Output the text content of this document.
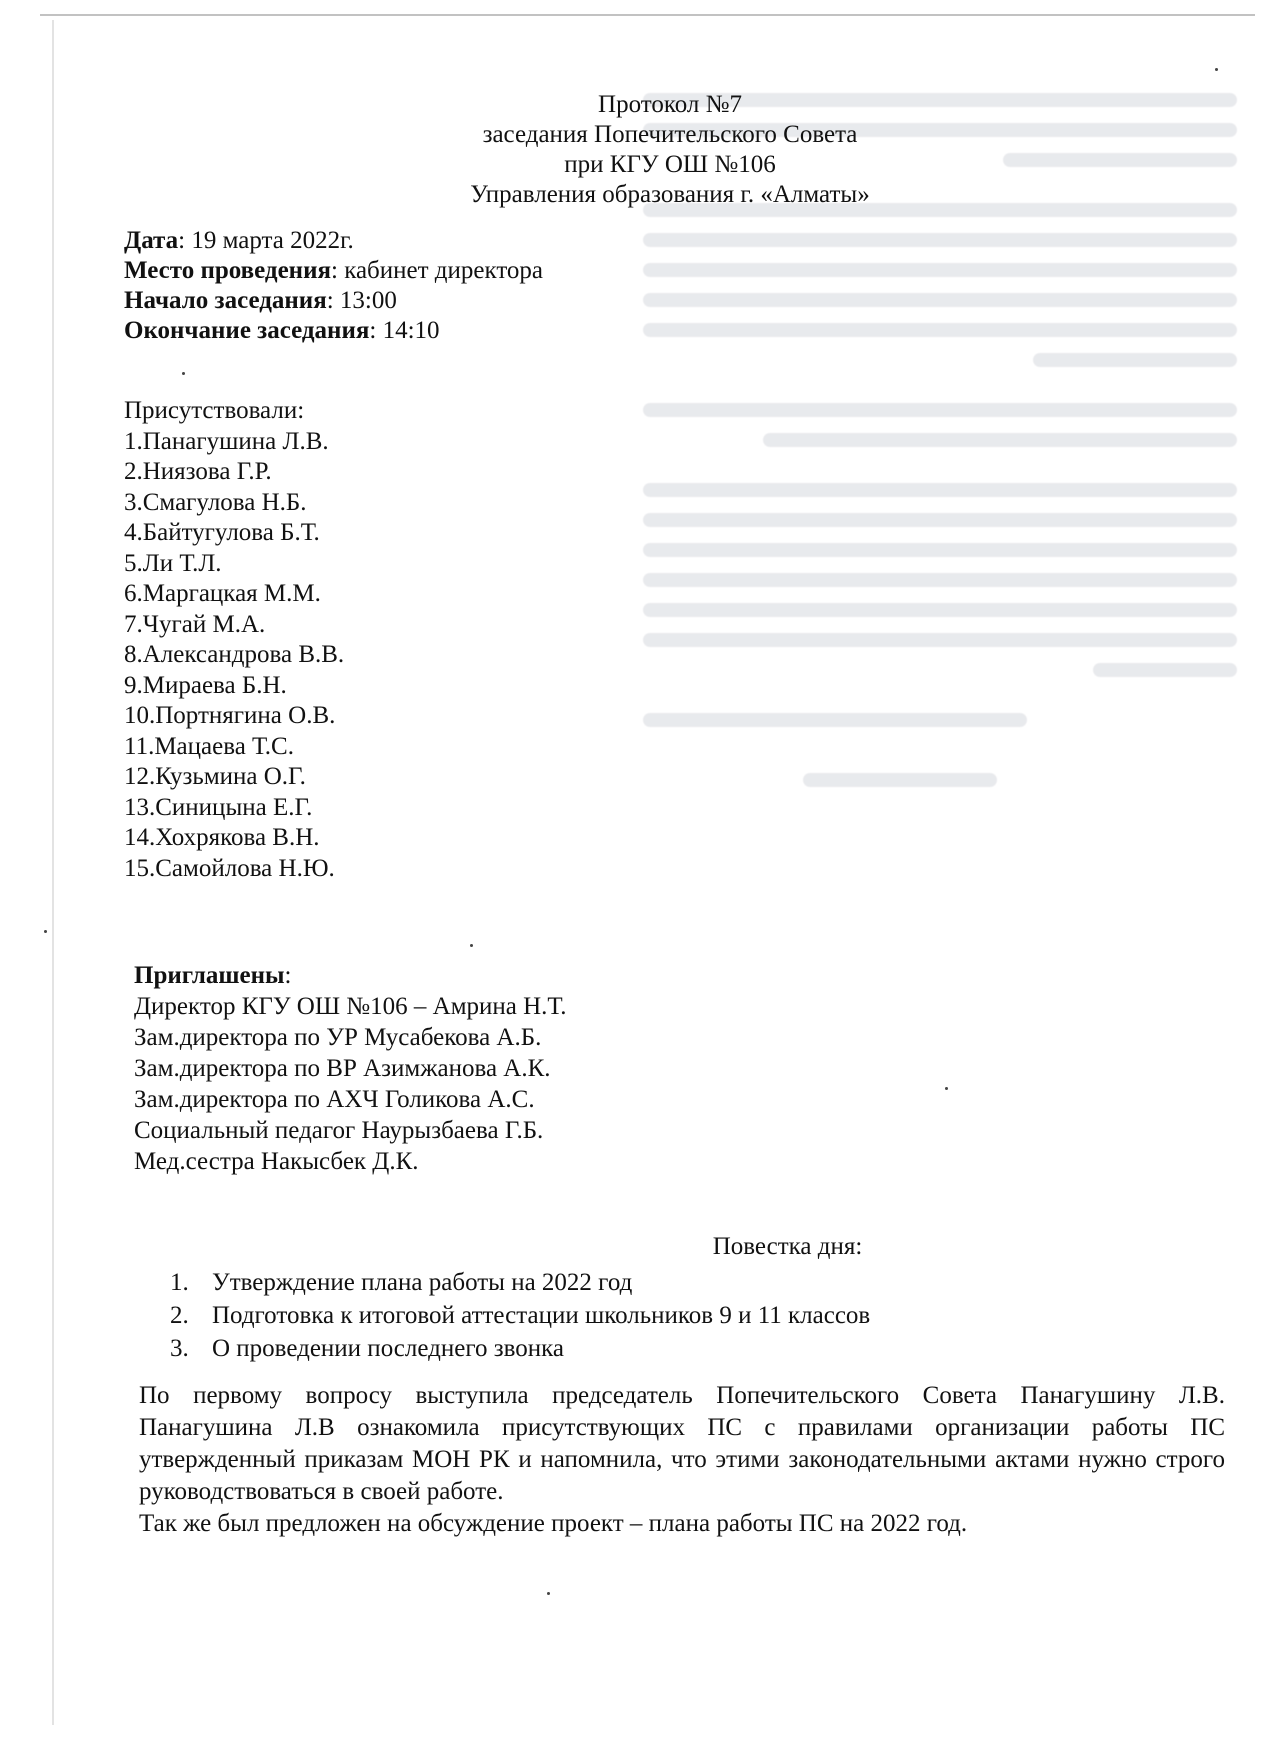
Протокол №7
заседания Попечительского Совета
при КГУ ОШ №106
Управления образования г. «Алматы»
Дата: 19 марта 2022г.
Место проведения: кабинет директора
Начало заседания: 13:00
Окончание заседания: 14:10
Присутствовали:
1.Панагушина Л.В.
2.Ниязова Г.Р.
3.Смагулова Н.Б.
4.Байтугулова Б.Т.
5.Ли Т.Л.
6.Маргацкая М.М.
7.Чугай М.А.
8.Александрова В.В.
9.Мираева Б.Н.
10.Портнягина О.В.
11.Мацаева Т.С.
12.Кузьмина О.Г.
13.Синицына Е.Г.
14.Хохрякова В.Н.
15.Самойлова Н.Ю.
Приглашены:
Директор КГУ ОШ №106 – Амрина Н.Т.
Зам.директора по УР Мусабекова А.Б.
Зам.директора по ВР Азимжанова А.К.
Зам.директора по АХЧ Голикова А.С.
Социальный педагог Наурызбаева Г.Б.
Мед.сестра Накысбек Д.К.
Повестка дня:
1. Утверждение плана работы на 2022 год
2. Подготовка к итоговой аттестации школьников 9 и 11 классов
3. О проведении последнего звонка

По первому вопросу выступила председатель Попечительского Совета Панагушину Л.В. Панагушина Л.В ознакомила присутствующих ПС с правилами организации работы ПС утвержденный приказам МОН РК и напомнила, что этими законодательными актами нужно строго руководствоваться в своей работе.

Так же был предложен на обсуждение проект – плана работы ПС на 2022 год.
